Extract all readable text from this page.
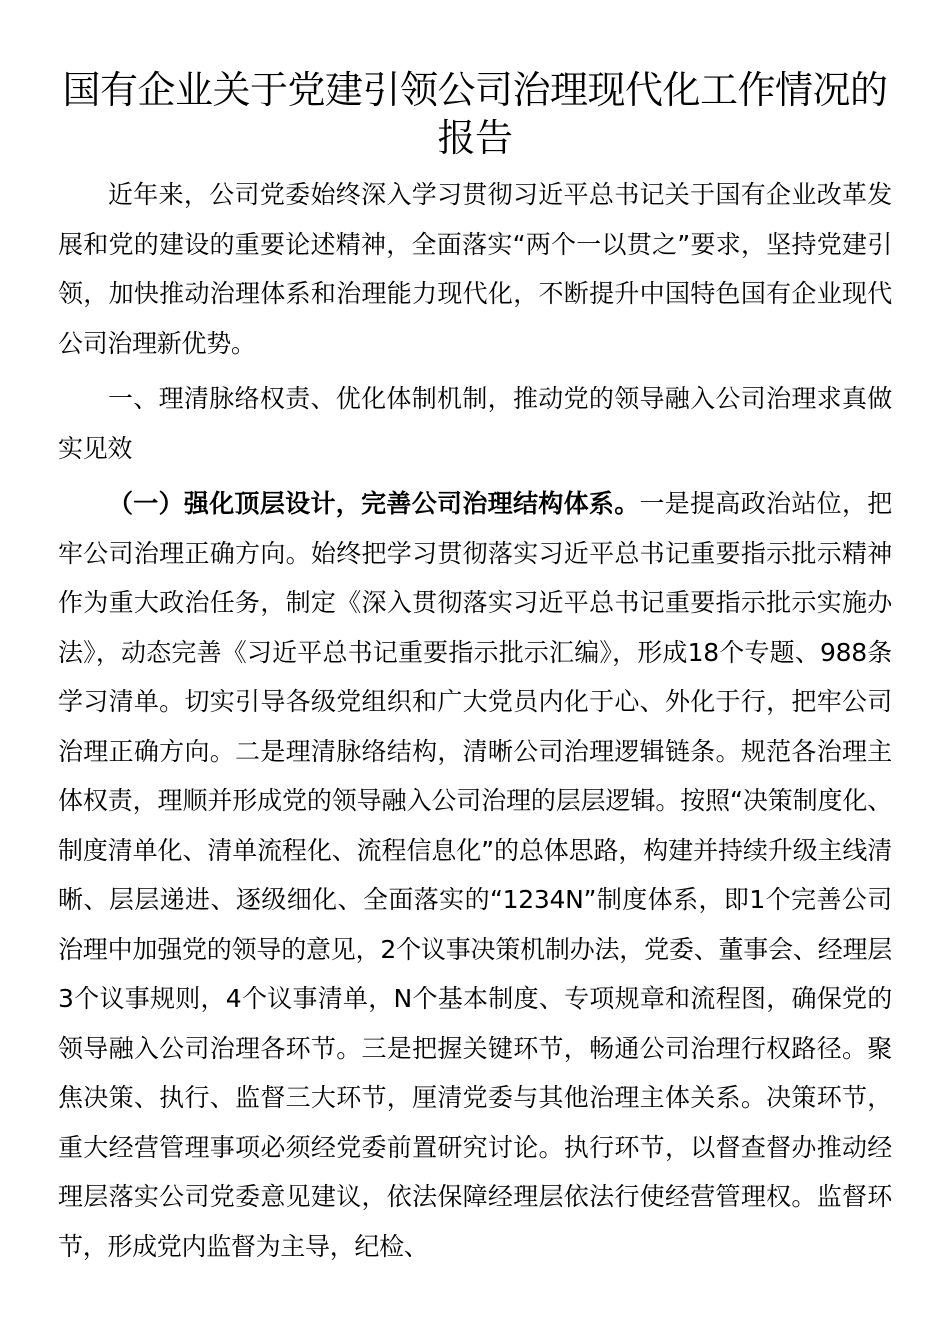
国有企业关于党建引领公司治理现代化工作情况的报告

近年来，公司党委始终深入学习贯彻习近平总书记关于国有企业改革发展和党的建设的重要论述精神，全面落实“两个一以贯之”要求，坚持党建引领，加快推动治理体系和治理能力现代化，不断提升中国特色国有企业现代公司治理新优势。

一、理清脉络权责、优化体制机制，推动党的领导融入公司治理求真做实见效

（一）强化顶层设计，完善公司治理结构体系。一是提高政治站位，把牢公司治理正确方向。始终把学习贯彻落实习近平总书记重要指示批示精神作为重大政治任务，制定《深入贯彻落实习近平总书记重要指示批示实施办法》，动态完善《习近平总书记重要指示批示汇编》，形成18个专题、988条学习清单。切实引导各级党组织和广大党员内化于心、外化于行，把牢公司治理正确方向。二是理清脉络结构，清晰公司治理逻辑链条。规范各治理主体权责，理顺并形成党的领导融入公司治理的层层逻辑。按照“决策制度化、制度清单化、清单流程化、流程信息化”的总体思路，构建并持续升级主线清晰、层层递进、逐级细化、全面落实的“1234N”制度体系，即1个完善公司治理中加强党的领导的意见，2个议事决策机制办法，党委、董事会、经理层3个议事规则，4个议事清单，N个基本制度、专项规章和流程图，确保党的领导融入公司治理各环节。三是把握关键环节，畅通公司治理行权路径。聚焦决策、执行、监督三大环节，厘清党委与其他治理主体关系。决策环节，重大经营管理事项必须经党委前置研究讨论。执行环节，以督查督办推动经理层落实公司党委意见建议，依法保障经理层依法行使经营管理权。监督环节，形成党内监督为主导，纪检、
